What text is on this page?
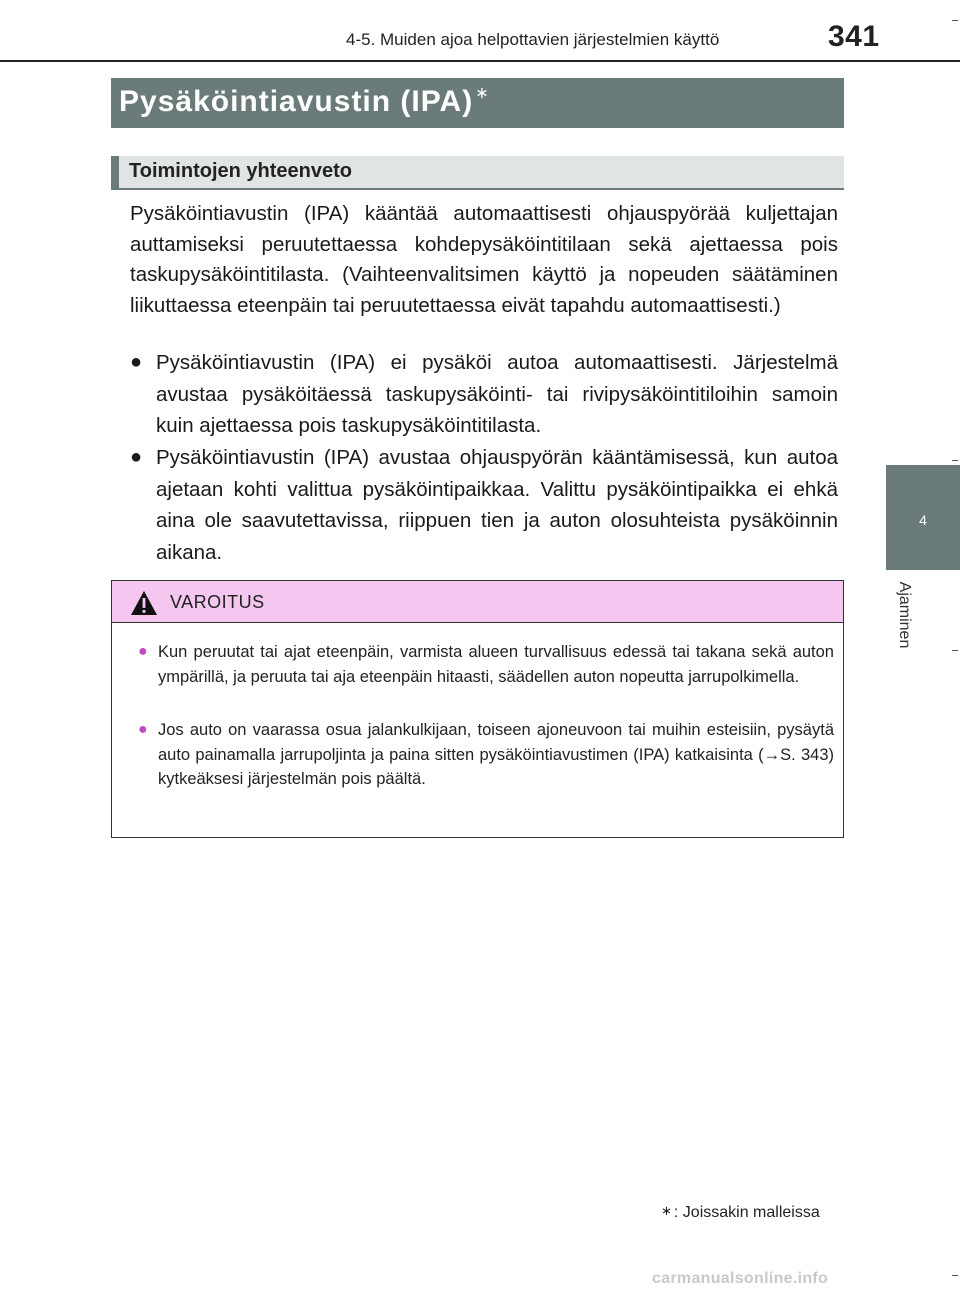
4-5. Muiden ajoa helpottavien järjestelmien käyttö	341
4
Ajaminen
Pysäköintiavustin (IPA) ∗
Toimintojen yhteenveto
Pysäköintiavustin (IPA) kääntää automaattisesti ohjauspyörää kuljettajan auttamiseksi peruutettaessa kohdepysäköintitilaan sekä ajettaessa pois taskupysäköintitilasta. (Vaihteenvalitsimen käyttö ja nopeuden säätäminen liikuttaessa eteenpäin tai peruutettaessa eivät tapahdu automaattisesti.)
● Pysäköintiavustin (IPA) ei pysäköi autoa automaattisesti. Järjestelmä avustaa pysäköitäessä taskupysäköinti- tai rivipysäköintitiloihin samoin kuin ajettaessa pois taskupysäköintitilasta.
● Pysäköintiavustin (IPA) avustaa ohjauspyörän kääntämisessä, kun autoa ajetaan kohti valittua pysäköintipaikkaa. Valittu pysäköintipaikka ei ehkä aina ole saavutettavissa, riippuen tien ja auton olosuhteista pysäköinnin aikana.
VAROITUS
● Kun peruutat tai ajat eteenpäin, varmista alueen turvallisuus edessä tai takana sekä auton ympärillä, ja peruuta tai aja eteenpäin hitaasti, säädellen auton nopeutta jarrupolkimella.
● Jos auto on vaarassa osua jalankulkijaan, toiseen ajoneuvoon tai muihin esteisiin, pysäytä auto painamalla jarrupoljinta ja paina sitten pysäköintiavustimen (IPA) katkaisinta (→S. 343) kytkeäksesi järjestelmän pois päältä.
∗ : Joissakin malleissa
carmanualsonline.info
